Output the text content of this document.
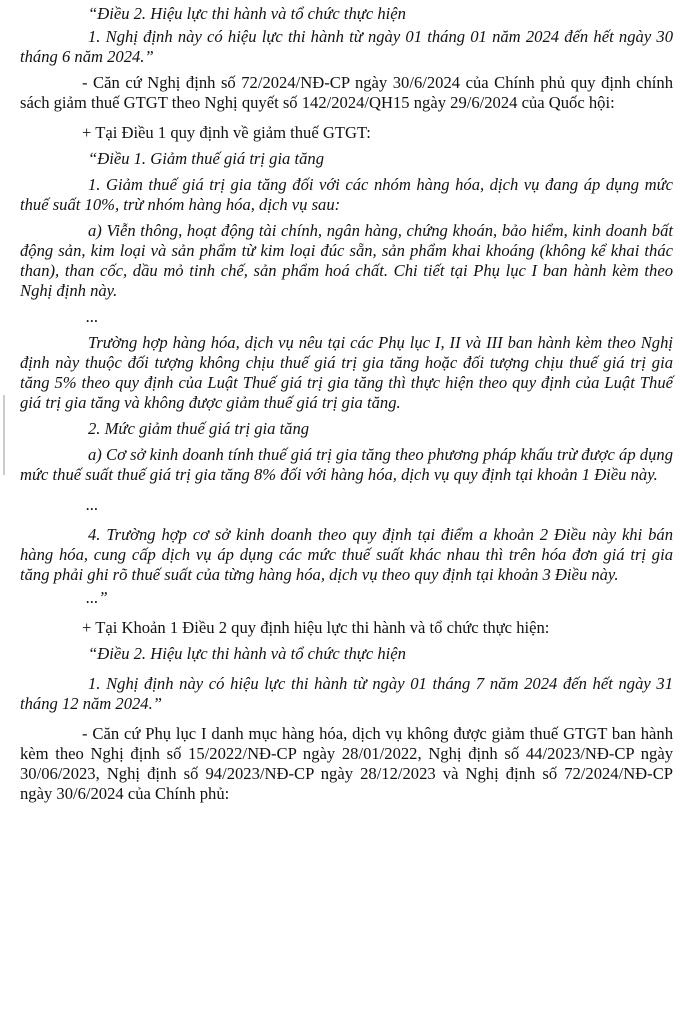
“Điều 2. Hiệu lực thi hành và tổ chức thực hiện

1. Nghị định này có hiệu lực thi hành từ ngày 01 tháng 01 năm 2024 đến hết ngày 30 tháng 6 năm 2024.”

- Căn cứ Nghị định số 72/2024/NĐ-CP ngày 30/6/2024 của Chính phủ quy định chính sách giảm thuế GTGT theo Nghị quyết số 142/2024/QH15 ngày 29/6/2024 của Quốc hội:

+ Tại Điều 1 quy định về giảm thuế GTGT:

“Điều 1. Giảm thuế giá trị gia tăng

1. Giảm thuế giá trị gia tăng đối với các nhóm hàng hóa, dịch vụ đang áp dụng mức thuế suất 10%, trừ nhóm hàng hóa, dịch vụ sau:

a) Viễn thông, hoạt động tài chính, ngân hàng, chứng khoán, bảo hiểm, kinh doanh bất động sản, kim loại và sản phẩm từ kim loại đúc sẵn, sản phẩm khai khoáng (không kể khai thác than), than cốc, dầu mỏ tinh chế, sản phẩm hoá chất. Chi tiết tại Phụ lục I ban hành kèm theo Nghị định này.

...

Trường hợp hàng hóa, dịch vụ nêu tại các Phụ lục I, II và III ban hành kèm theo Nghị định này thuộc đối tượng không chịu thuế giá trị gia tăng hoặc đối tượng chịu thuế giá trị gia tăng 5% theo quy định của Luật Thuế giá trị gia tăng thì thực hiện theo quy định của Luật Thuế giá trị gia tăng và không được giảm thuế giá trị gia tăng.

2. Mức giảm thuế giá trị gia tăng

a) Cơ sở kinh doanh tính thuế giá trị gia tăng theo phương pháp khấu trừ được áp dụng mức thuế suất thuế giá trị gia tăng 8% đối với hàng hóa, dịch vụ quy định tại khoản 1 Điều này.

...

4. Trường hợp cơ sở kinh doanh theo quy định tại điểm a khoản 2 Điều này khi bán hàng hóa, cung cấp dịch vụ áp dụng các mức thuế suất khác nhau thì trên hóa đơn giá trị gia tăng phải ghi rõ thuế suất của từng hàng hóa, dịch vụ theo quy định tại khoản 3 Điều này.

...”

+ Tại Khoản 1 Điều 2 quy định hiệu lực thi hành và tổ chức thực hiện:

“Điều 2. Hiệu lực thi hành và tổ chức thực hiện

1. Nghị định này có hiệu lực thi hành từ ngày 01 tháng 7 năm 2024 đến hết ngày 31 tháng 12 năm 2024.”

- Căn cứ Phụ lục I danh mục hàng hóa, dịch vụ không được giảm thuế GTGT ban hành kèm theo Nghị định số 15/2022/NĐ-CP ngày 28/01/2022, Nghị định số 44/2023/NĐ-CP ngày 30/06/2023, Nghị định số 94/2023/NĐ-CP ngày 28/12/2023 và Nghị định số 72/2024/NĐ-CP ngày 30/6/2024 của Chính phủ:
